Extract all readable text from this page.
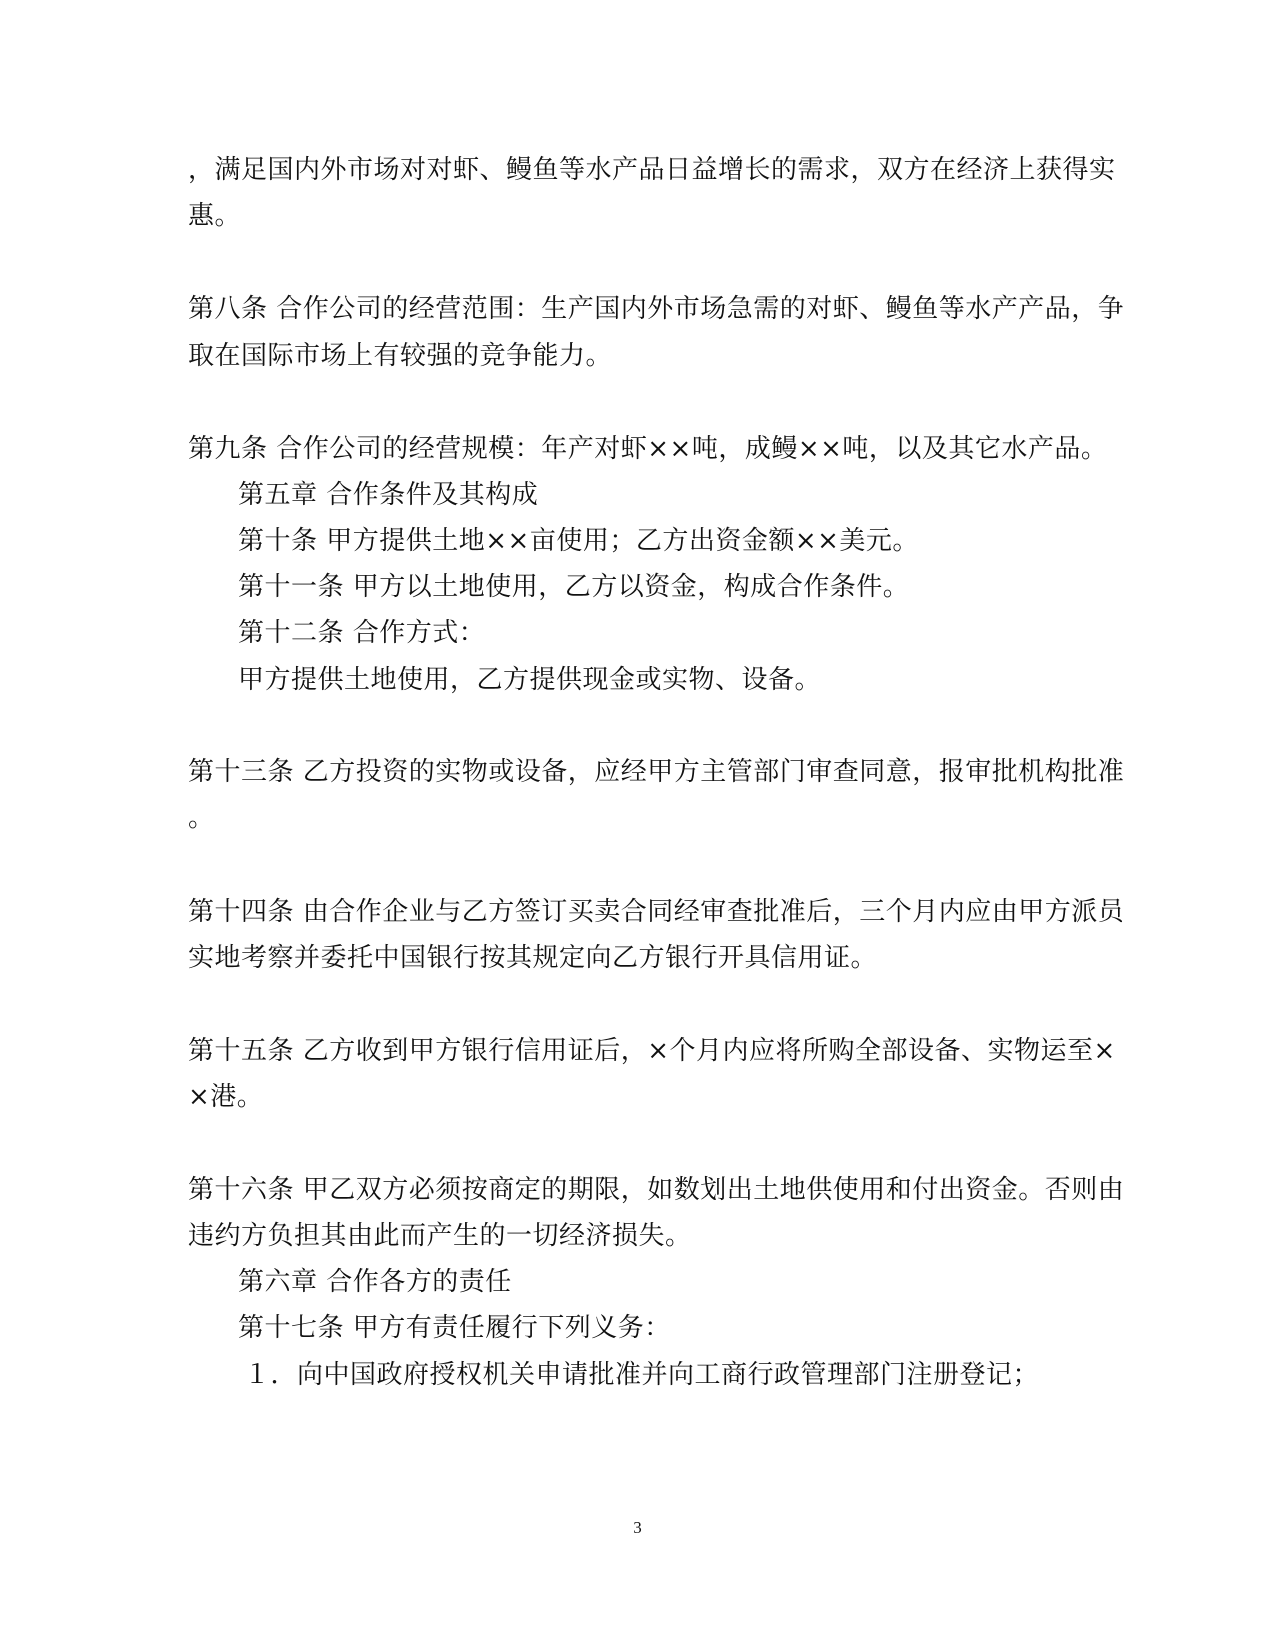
，满足国内外市场对对虾、鳗鱼等水产品日益增长的需求，双方在经济上获得实
惠。
第八条 合作公司的经营范围：生产国内外市场急需的对虾、鳗鱼等水产产品，争
取在国际市场上有较强的竞争能力。
第九条 合作公司的经营规模：年产对虾××吨，成鳗××吨，以及其它水产品。
第五章 合作条件及其构成
第十条 甲方提供土地××亩使用；乙方出资金额××美元。
第十一条 甲方以土地使用，乙方以资金，构成合作条件。
第十二条 合作方式：
甲方提供土地使用，乙方提供现金或实物、设备。
第十三条 乙方投资的实物或设备，应经甲方主管部门审查同意，报审批机构批准
。
第十四条 由合作企业与乙方签订买卖合同经审查批准后，三个月内应由甲方派员
实地考察并委托中国银行按其规定向乙方银行开具信用证。
第十五条 乙方收到甲方银行信用证后，×个月内应将所购全部设备、实物运至×
×港。
第十六条 甲乙双方必须按商定的期限，如数划出土地供使用和付出资金。否则由
违约方负担其由此而产生的一切经济损失。
第六章 合作各方的责任
第十七条 甲方有责任履行下列义务：
１．向中国政府授权机关申请批准并向工商行政管理部门注册登记；
3
